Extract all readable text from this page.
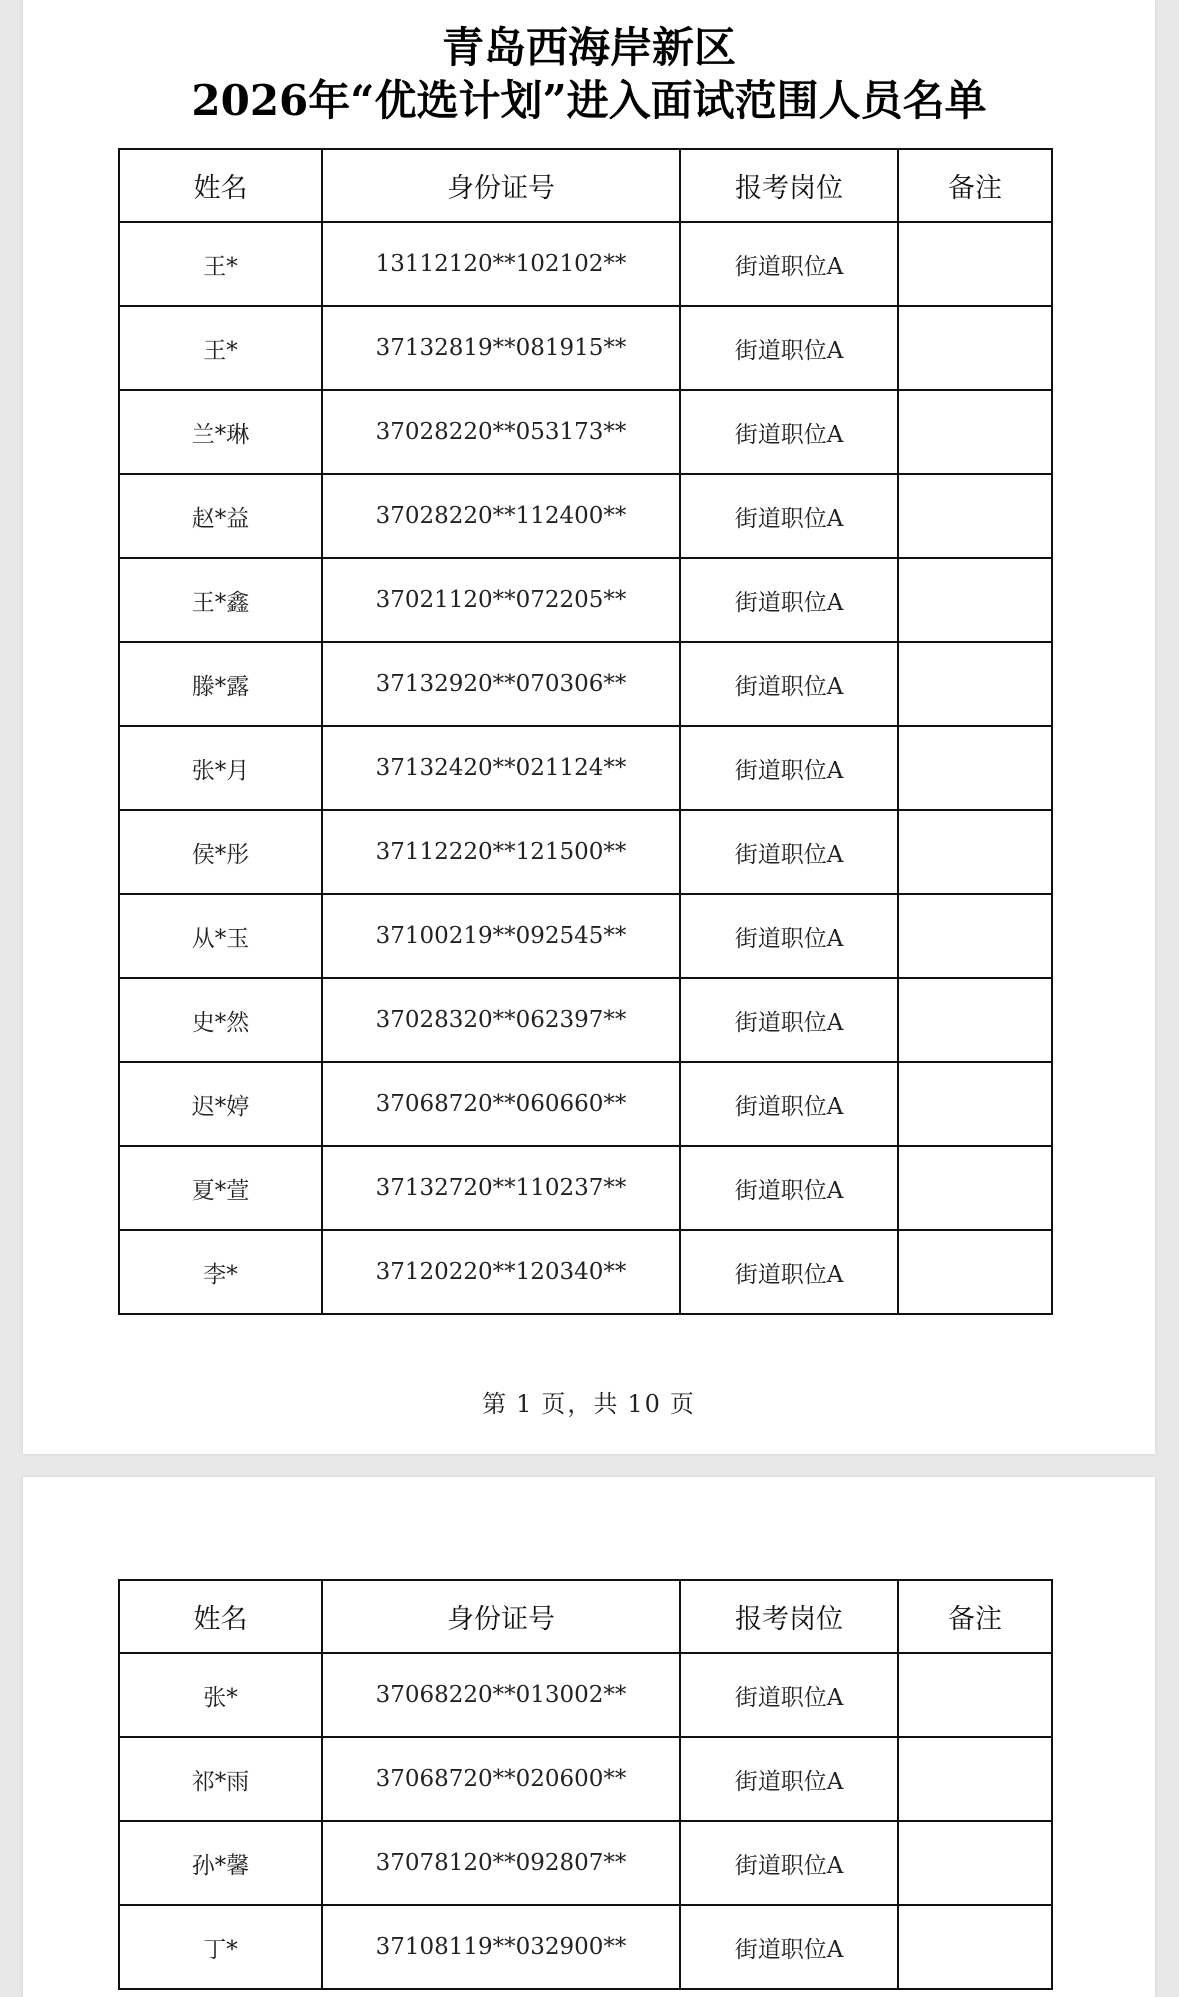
青岛西海岸新区
2026年“优选计划”进入面试范围人员名单
姓名	身份证号	报考岗位	备注
王*	13112120**102102**	街道职位A	
王*	37132819**081915**	街道职位A	
兰*琳	37028220**053173**	街道职位A	
赵*益	37028220**112400**	街道职位A	
王*鑫	37021120**072205**	街道职位A	
滕*露	37132920**070306**	街道职位A	
张*月	37132420**021124**	街道职位A	
侯*彤	37112220**121500**	街道职位A	
从*玉	37100219**092545**	街道职位A	
史*然	37028320**062397**	街道职位A	
迟*婷	37068720**060660**	街道职位A	
夏*萱	37132720**110237**	街道职位A	
李*	37120220**120340**	街道职位A	
第 1 页，共 10 页
姓名	身份证号	报考岗位	备注
张*	37068220**013002**	街道职位A	
祁*雨	37068720**020600**	街道职位A	
孙*馨	37078120**092807**	街道职位A	
丁*	37108119**032900**	街道职位A	
